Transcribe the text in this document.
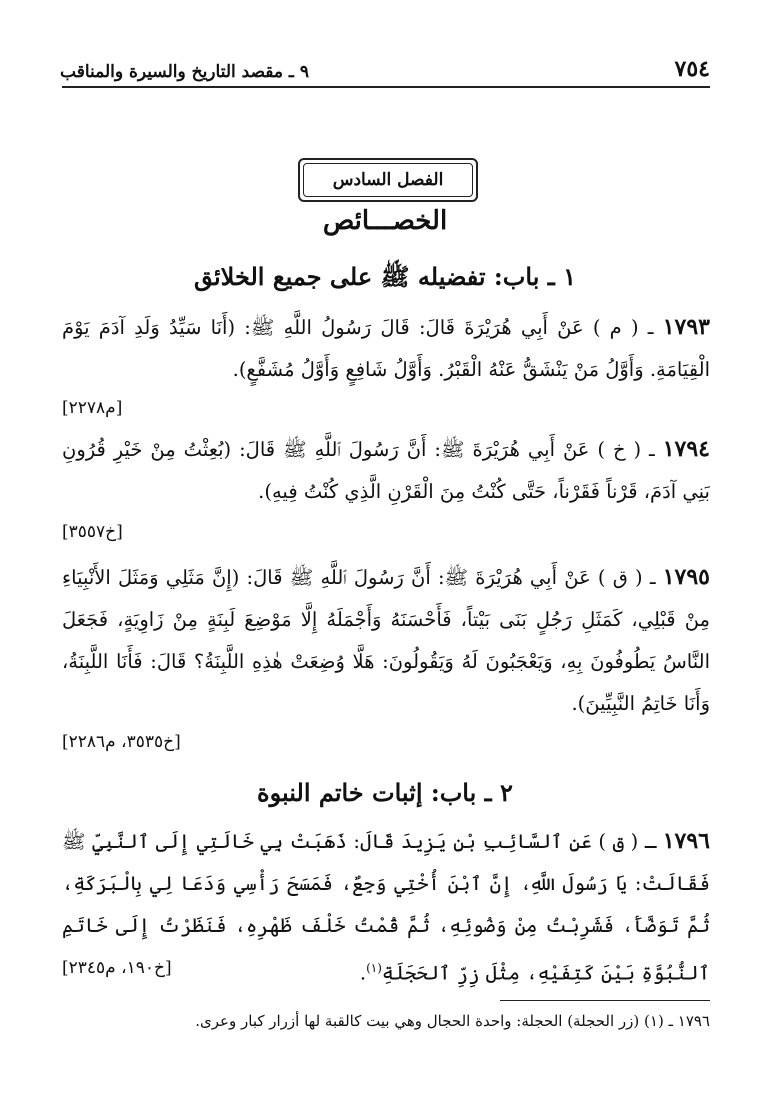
٧٥٤
٩ ـ مقصد التاريخ والسيرة والمناقب
الفصل السادس
الخصـــائص
١ ـ باب: تفضيله ﷺ على جميع الخلائق
١٧٩٣ ـ ( م ) عَنْ أَبِي هُرَيْرَةَ قَالَ: قَالَ رَسُولُ اللَّهِ ﷺ: (أَنَا سَيِّدُ وَلَدِ آدَمَ يَوْمَ الْقِيَامَةِ. وَأَوَّلُ مَنْ يَنْشَقُّ عَنْهُ الْقَبْرُ. وَأَوَّلُ شَافِعٍ وَأَوَّلُ مُشَفَّعٍ).
[م٢٢٧٨]
١٧٩٤ ـ ( خ ) عَنْ أَبِي هُرَيْرَةَ ﷺ: أَنَّ رَسُولَ ٱللَّهِ ﷺ قَالَ: (بُعِثْتُ مِنْ خَيْرِ قُرُونِ بَنِي آدَمَ، قَرْناً فَقَرْناً، حَتَّى كُنْتُ مِنَ الْقَرْنِ الَّذِي كُنْتُ فِيهِ).
[خ٣٥٥٧]
١٧٩٥ ـ ( ق ) عَنْ أَبِي هُرَيْرَةَ ﷺ: أَنَّ رَسُولَ ٱللَّهِ ﷺ قَالَ: (إِنَّ مَثَلِي وَمَثَلَ الأَنْبِيَاءِ مِنْ قَبْلِي، كَمَثَلِ رَجُلٍ بَنَى بَيْتاً، فَأَحْسَنَهُ وَأَجْمَلَهُ إِلَّا مَوْضِعَ لَبِنَةٍ مِنْ زَاوِيَةٍ، فَجَعَلَ النَّاسُ يَطُوفُونَ بِهِ، وَيَعْجَبُونَ لَهُ وَيَقُولُونَ: هَلَّا وُضِعَتْ هٰذِهِ اللَّبِنَةُ؟ قَالَ: فَأَنَا اللَّبِنَةُ، وَأَنَا خَاتِمُ النَّبِيِّينَ).
[خ٣٥٣٥، م٢٢٨٦]
٢ ـ باب: إثبات خاتم النبوة
١٧٩٦ ـ ( ق ) عَنِ ٱلسَّائِبِ بْنِ يَزِيدَ قَالَ: ذَهَبَتْ بِي خَالَتِي إِلَى ٱلنَّبِيِّ ﷺ فَقَالَتْ: يَا رَسُولَ اللَّهِ، إِنَّ ٱبْنَ أُخْتِي وَجِعٌ، فَمَسَحَ رَأْسِي وَدَعَا لِي بِالْبَرَكَةِ، ثُمَّ تَوَضَّأَ، فَشَرِبْتُ مِنْ وَضُوئِهِ، ثُمَّ قُمْتُ خَلْفَ ظَهْرِهِ، فَنَظَرْتُ إِلَى خَاتَمِ ٱلنُّبُوَّةِ بَيْنَ كَتِفَيْهِ، مِثْلَ زِرِّ ٱلحَجَلَةِ$^{(١)}$.
[خ١٩٠، م٢٣٤٥]
١٧٩٦ ـ (١) (زر الحجلة) الحجلة: واحدة الحجال وهي بيت كالقبة لها أزرار كبار وعرى.
